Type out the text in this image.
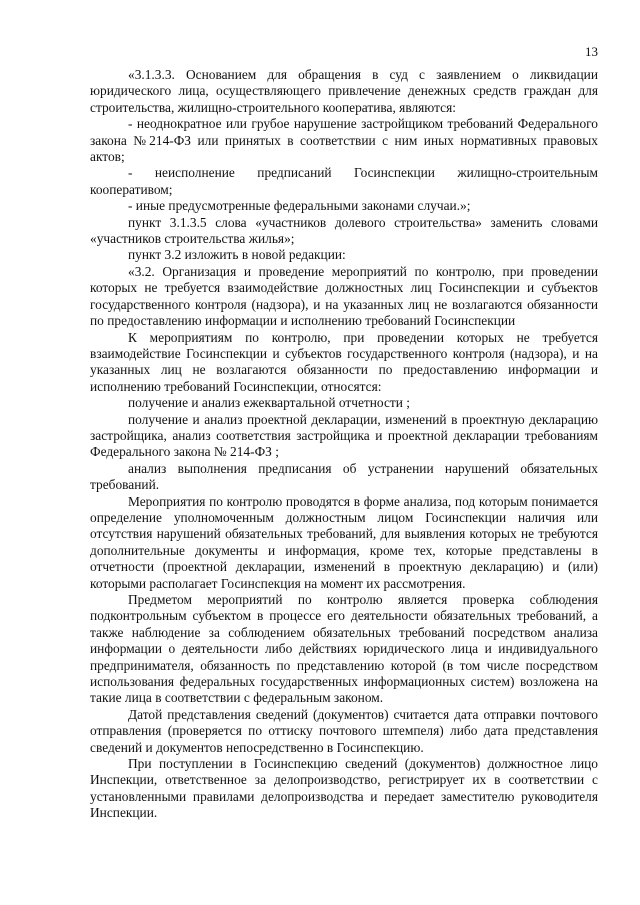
13

«3.1.3.3. Основанием для обращения в суд с заявлением о ликвидации юридического лица, осуществляющего привлечение денежных средств граждан для строительства, жилищно-строительного кооператива, являются:

- неоднократное или грубое нарушение застройщиком требований Федерального закона №214-ФЗ или принятых в соответствии с ним иных нормативных правовых актов;

- неисполнение предписаний Госинспекции жилищно-строительным кооперативом;

- иные предусмотренные федеральными законами случаи.»;

пункт 3.1.3.5 слова «участников долевого строительства» заменить словами «участников строительства жилья»;

пункт 3.2 изложить в новой редакции:

«3.2. Организация и проведение мероприятий по контролю, при проведении которых не требуется взаимодействие должностных лиц Госинспекции и субъектов государственного контроля (надзора), и на указанных лиц не возлагаются обязанности по предоставлению информации и исполнению требований Госинспекции

К мероприятиям по контролю, при проведении которых не требуется взаимодействие Госинспекции и субъектов государственного контроля (надзора), и на указанных лиц не возлагаются обязанности по предоставлению информации и исполнению требований Госинспекции, относятся:

получение и анализ ежеквартальной отчетности ;

получение и анализ проектной декларации, изменений в проектную декларацию застройщика, анализ соответствия застройщика и проектной декларации требованиям Федерального закона № 214-ФЗ ;

анализ выполнения предписания об устранении нарушений обязательных требований.

Мероприятия по контролю проводятся в форме анализа, под которым понимается определение уполномоченным должностным лицом Госинспекции наличия или отсутствия нарушений обязательных требований, для выявления которых не требуются дополнительные документы и информация, кроме тех, которые представлены в отчетности (проектной декларации, изменений в проектную декларацию) и (или) которыми располагает Госинспекция на момент их рассмотрения.

Предметом мероприятий по контролю является проверка соблюдения подконтрольным субъектом в процессе его деятельности обязательных требований, а также наблюдение за соблюдением обязательных требований посредством анализа информации о деятельности либо действиях юридического лица и индивидуального предпринимателя, обязанность по представлению которой (в том числе посредством использования федеральных государственных информационных систем) возложена на такие лица в соответствии с федеральным законом.

Датой представления сведений (документов) считается дата отправки почтового отправления (проверяется по оттиску почтового штемпеля) либо дата представления сведений и документов непосредственно в Госинспекцию.

При поступлении в Госинспекцию сведений (документов) должностное лицо Инспекции, ответственное за делопроизводство, регистрирует их в соответствии с установленными правилами делопроизводства и передает заместителю руководителя Инспекции.
